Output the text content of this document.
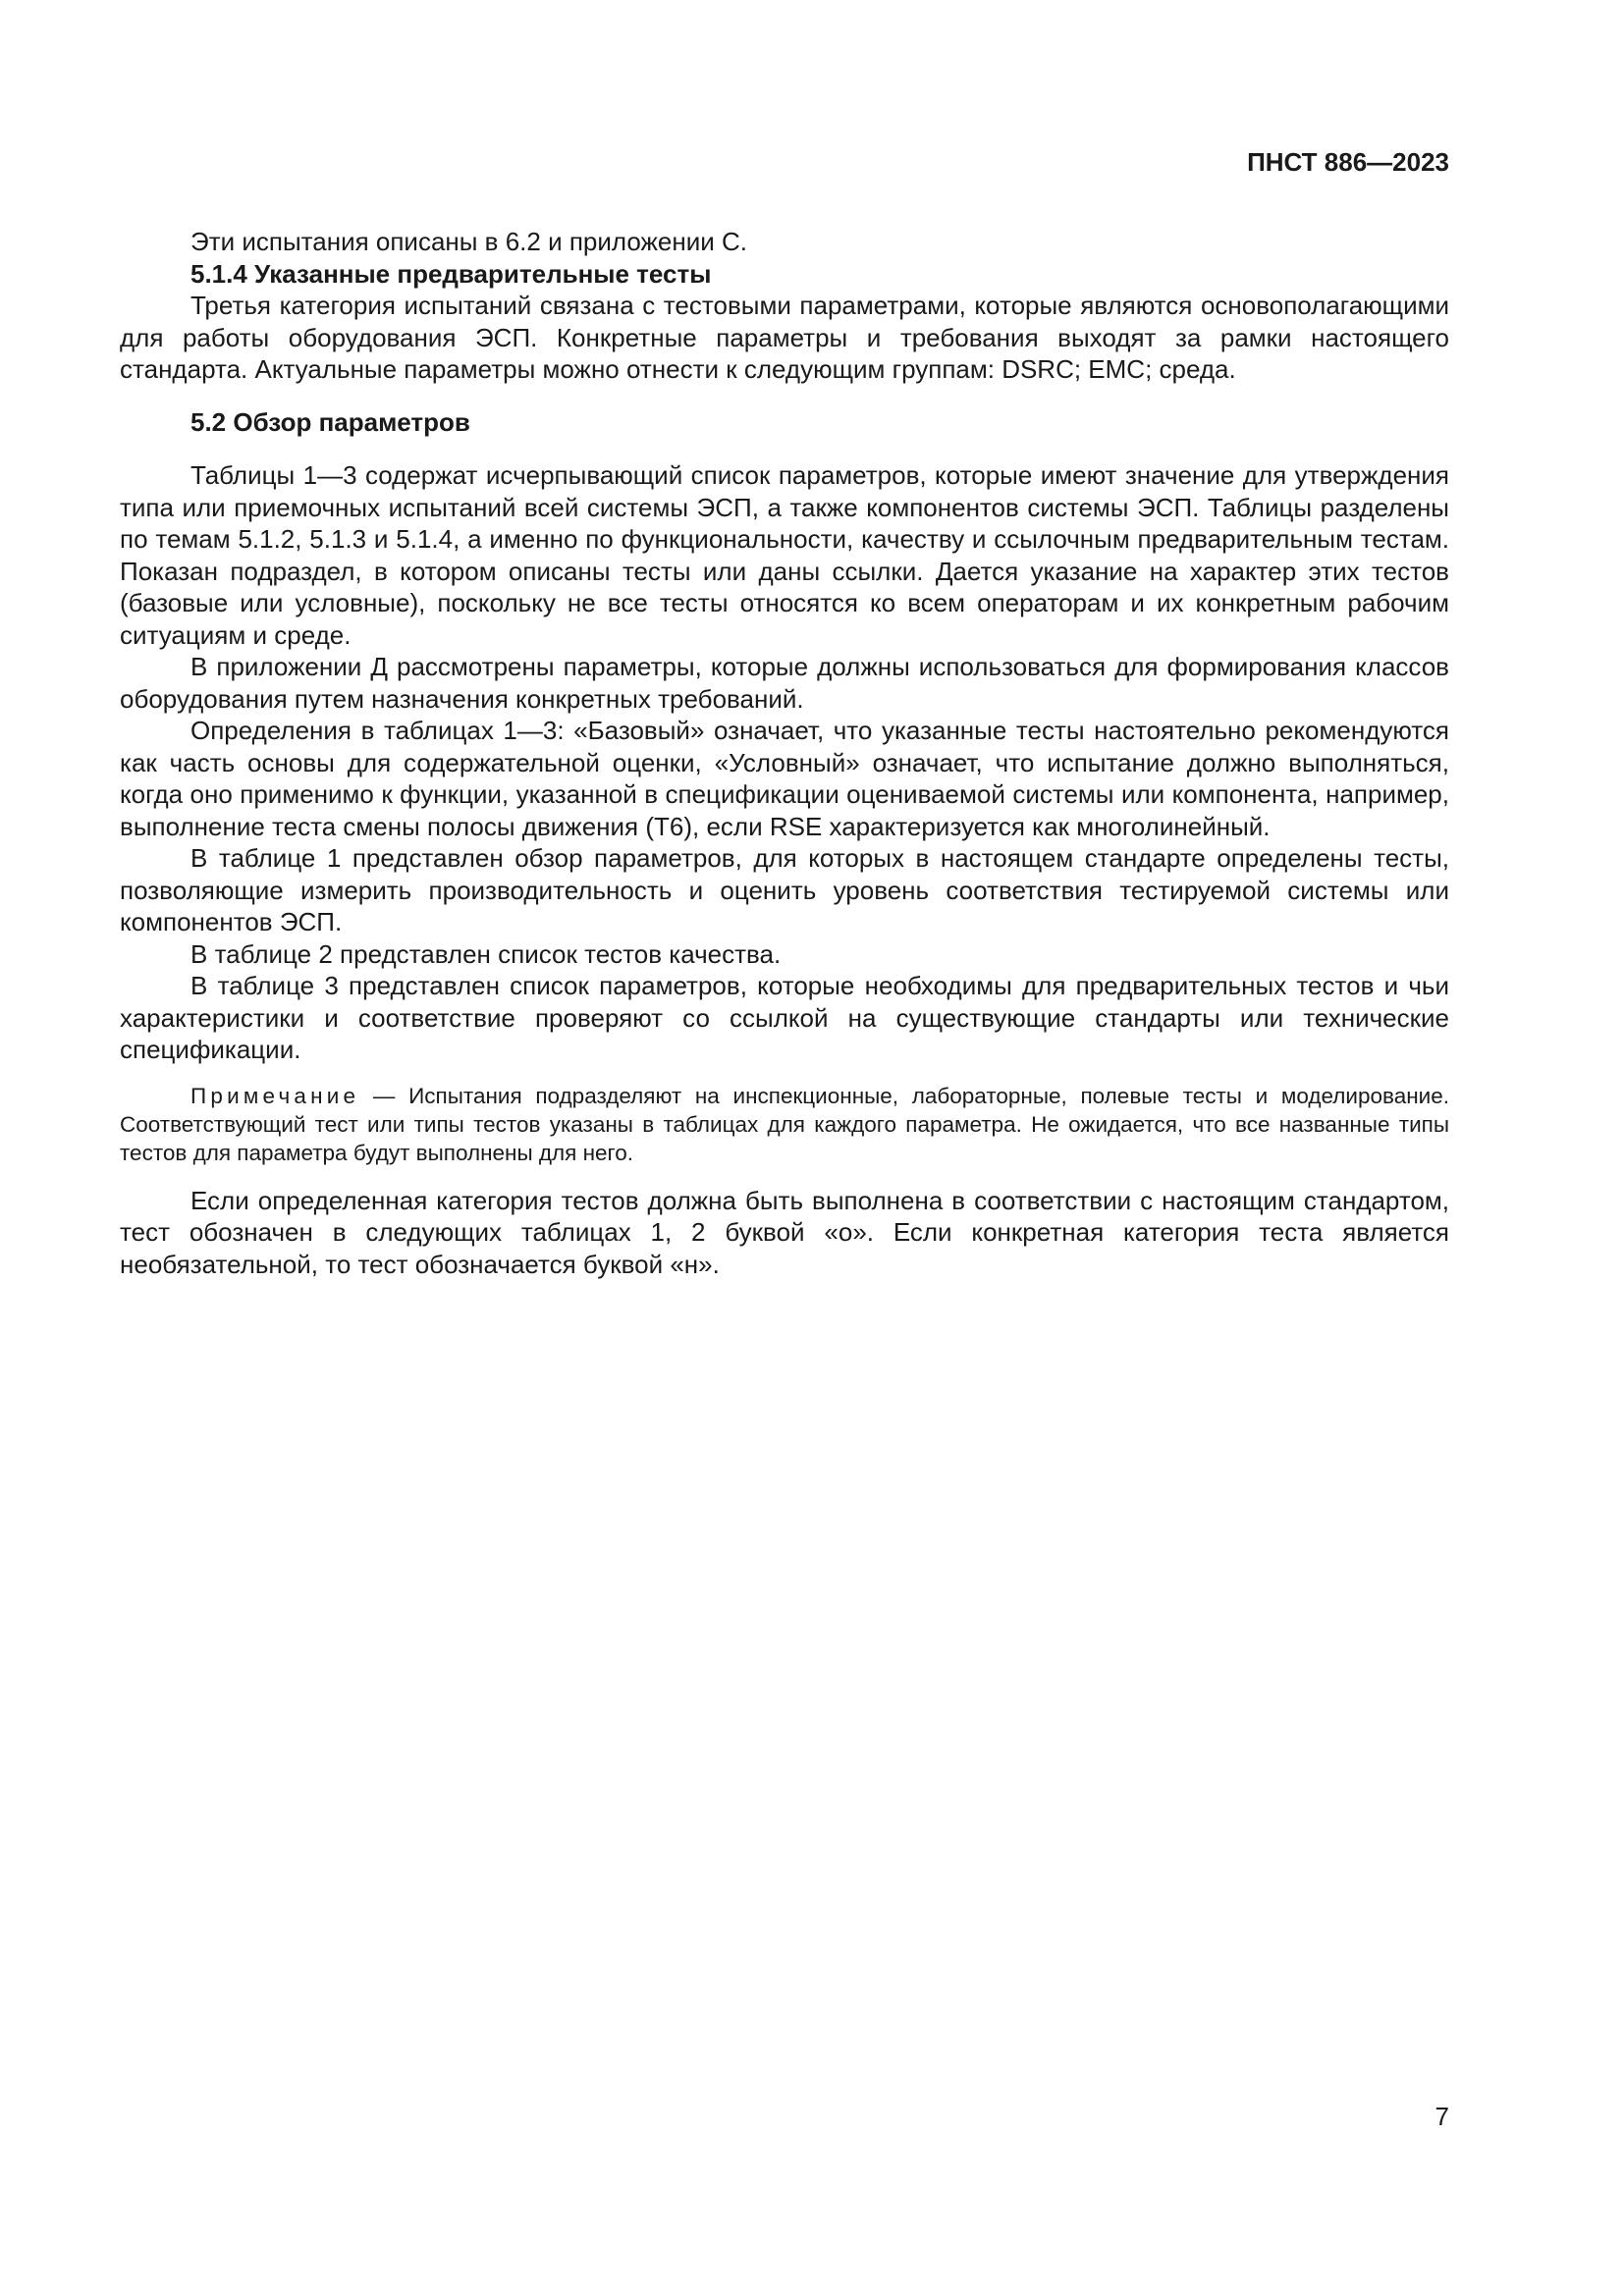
ПНСТ 886—2023

Эти испытания описаны в 6.2 и приложении С.

5.1.4 Указанные предварительные тесты

Третья категория испытаний связана с тестовыми параметрами, которые являются основополагающими для работы оборудования ЭСП. Конкретные параметры и требования выходят за рамки настоящего стандарта. Актуальные параметры можно отнести к следующим группам: DSRC; EMC; среда.

5.2 Обзор параметров

Таблицы 1—3 содержат исчерпывающий список параметров, которые имеют значение для утверждения типа или приемочных испытаний всей системы ЭСП, а также компонентов системы ЭСП. Таблицы разделены по темам 5.1.2, 5.1.3 и 5.1.4, а именно по функциональности, качеству и ссылочным предварительным тестам. Показан подраздел, в котором описаны тесты или даны ссылки. Дается указание на характер этих тестов (базовые или условные), поскольку не все тесты относятся ко всем операторам и их конкретным рабочим ситуациям и среде.

В приложении Д рассмотрены параметры, которые должны использоваться для формирования классов оборудования путем назначения конкретных требований.

Определения в таблицах 1—3: «Базовый» означает, что указанные тесты настоятельно рекомендуются как часть основы для содержательной оценки, «Условный» означает, что испытание должно выполняться, когда оно применимо к функции, указанной в спецификации оцениваемой системы или компонента, например, выполнение теста смены полосы движения (Т6), если RSE характеризуется как многолинейный.

В таблице 1 представлен обзор параметров, для которых в настоящем стандарте определены тесты, позволяющие измерить производительность и оценить уровень соответствия тестируемой системы или компонентов ЭСП.

В таблице 2 представлен список тестов качества.

В таблице 3 представлен список параметров, которые необходимы для предварительных тестов и чьи характеристики и соответствие проверяют со ссылкой на существующие стандарты или технические спецификации.

Примечание — Испытания подразделяют на инспекционные, лабораторные, полевые тесты и моделирование. Соответствующий тест или типы тестов указаны в таблицах для каждого параметра. Не ожидается, что все названные типы тестов для параметра будут выполнены для него.

Если определенная категория тестов должна быть выполнена в соответствии с настоящим стандартом, тест обозначен в следующих таблицах 1, 2 буквой «о». Если конкретная категория теста является необязательной, то тест обозначается буквой «н».

7
